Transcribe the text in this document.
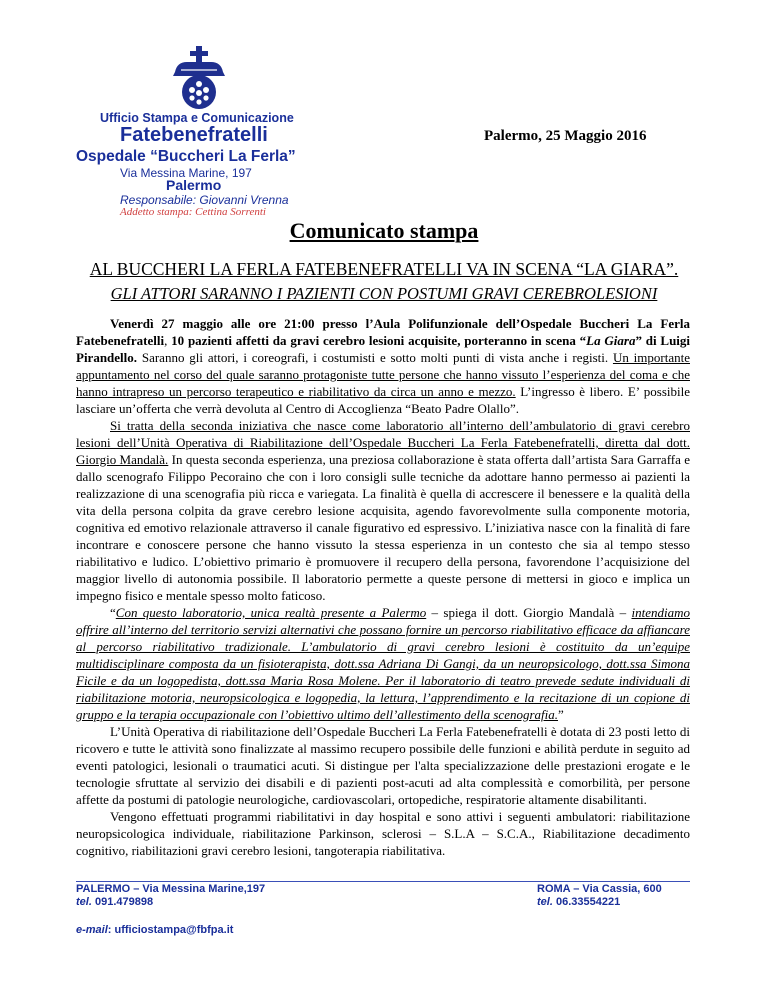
Ufficio Stampa e Comunicazione
Fatebenefratelli
Ospedale “Buccheri La Ferla”
Via Messina Marine, 197
Palermo
Responsabile: Giovanni Vrenna
Addetto stampa: Cettina Sorrenti
Palermo, 25 Maggio 2016
Comunicato stampa
AL BUCCHERI LA FERLA FATEBENEFRATELLI VA IN SCENA “LA GIARA”.
GLI ATTORI SARANNO I PAZIENTI CON POSTUMI GRAVI CEREBROLESIONI

Venerdì 27 maggio alle ore 21:00 presso l’Aula Polifunzionale dell’Ospedale Buccheri La Ferla Fatebenefratelli, 10 pazienti affetti da gravi cerebro lesioni acquisite, porteranno in scena “La Giara” di Luigi Pirandello. Saranno gli attori, i coreografi, i costumisti e sotto molti punti di vista anche i registi. Un importante appuntamento nel corso del quale saranno protagoniste tutte persone che hanno vissuto l’esperienza del coma e che hanno intrapreso un percorso terapeutico e riabilitativo da circa un anno e mezzo. L’ingresso è libero. E’ possibile lasciare un’offerta che verrà devoluta al Centro di Accoglienza “Beato Padre Olallo”.

Si tratta della seconda iniziativa che nasce come laboratorio all’interno dell’ambulatorio di gravi cerebro lesioni dell’Unità Operativa di Riabilitazione dell’Ospedale Buccheri La Ferla Fatebenefratelli, diretta dal dott. Giorgio Mandalà. In questa seconda esperienza, una preziosa collaborazione è stata offerta dall’artista Sara Garraffa e dallo scenografo Filippo Pecoraino che con i loro consigli sulle tecniche da adottare hanno permesso ai pazienti la realizzazione di una scenografia più ricca e variegata. La finalità è quella di accrescere il benessere e la qualità della vita della persona colpita da grave cerebro lesione acquisita, agendo favorevolmente sulla componente motoria, cognitiva ed emotivo relazionale attraverso il canale figurativo ed espressivo. L’iniziativa nasce con la finalità di fare incontrare e conoscere persone che hanno vissuto la stessa esperienza in un contesto che sia al tempo stesso riabilitativo e ludico. L’obiettivo primario è promuovere il recupero della persona, favorendone l’acquisizione del maggior livello di autonomia possibile. Il laboratorio permette a queste persone di mettersi in gioco e implica un impegno fisico e mentale spesso molto faticoso.

“Con questo laboratorio, unica realtà presente a Palermo – spiega il dott. Giorgio Mandalà – intendiamo offrire all’interno del territorio servizi alternativi che possano fornire un percorso riabilitativo efficace da affiancare al percorso riabilitativo tradizionale. L’ambulatorio di gravi cerebro lesioni è costituito da un’equipe multidisciplinare composta da un fisioterapista, dott.ssa Adriana Di Gangi, da un neuropsicologo, dott.ssa Simona Ficile e da un logopedista, dott.ssa Maria Rosa Molene. Per il laboratorio di teatro prevede sedute individuali di riabilitazione motoria, neuropsicologica e logopedia, la lettura, l’apprendimento e la recitazione di un copione di gruppo e la terapia occupazionale con l’obiettivo ultimo dell’allestimento della scenografia.”

L’Unità Operativa di riabilitazione dell’Ospedale Buccheri La Ferla Fatebenefratelli è dotata di 23 posti letto di ricovero e tutte le attività sono finalizzate al massimo recupero possibile delle funzioni e abilità perdute in seguito ad eventi patologici, lesionali o traumatici acuti. Si distingue per l'alta specializzazione delle prestazioni erogate e le tecnologie sfruttate al servizio dei disabili e di pazienti post-acuti ad alta complessità e comorbilità, per persone affette da postumi di patologie neurologiche, cardiovascolari, ortopediche, respiratorie altamente disabilitanti.

Vengono effettuati programmi riabilitativi in day hospital e sono attivi i seguenti ambulatori: riabilitazione neuropsicologica individuale, riabilitazione Parkinson, sclerosi – S.L.A – S.C.A., Riabilitazione decadimento cognitivo, riabilitazioni gravi cerebro lesioni, tangoterapia riabilitativa.

PALERMO – Via Messina Marine,197
tel. 091.479898
e-mail: ufficiostampa@fbfpa.it
ROMA – Via Cassia, 600
tel. 06.33554221
